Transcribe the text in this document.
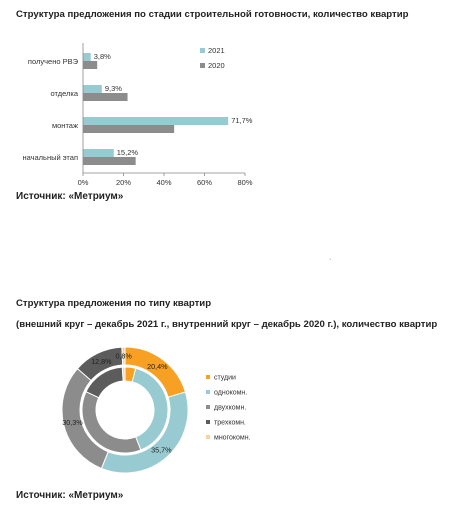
Структура предложения по стадии строительной готовности, количество квартир
получено РВЭ
3,8%
отделка
9,3%
монтаж
71,7%
начальный этап
15,2%
0%	20%	40%	60%	80%
2021
2020
Источник: «Метриум»
`
Структура предложения по типу квартир
(внешний круг – декабрь 2021 г., внутренний круг – декабрь 2020 г.), количество квартир
20,4%
35,7%
30,3%
12,8%
0,8%
студии
однокомн.
двухкомн.
трехкомн.
многокомн.
Источник: «Метриум»
